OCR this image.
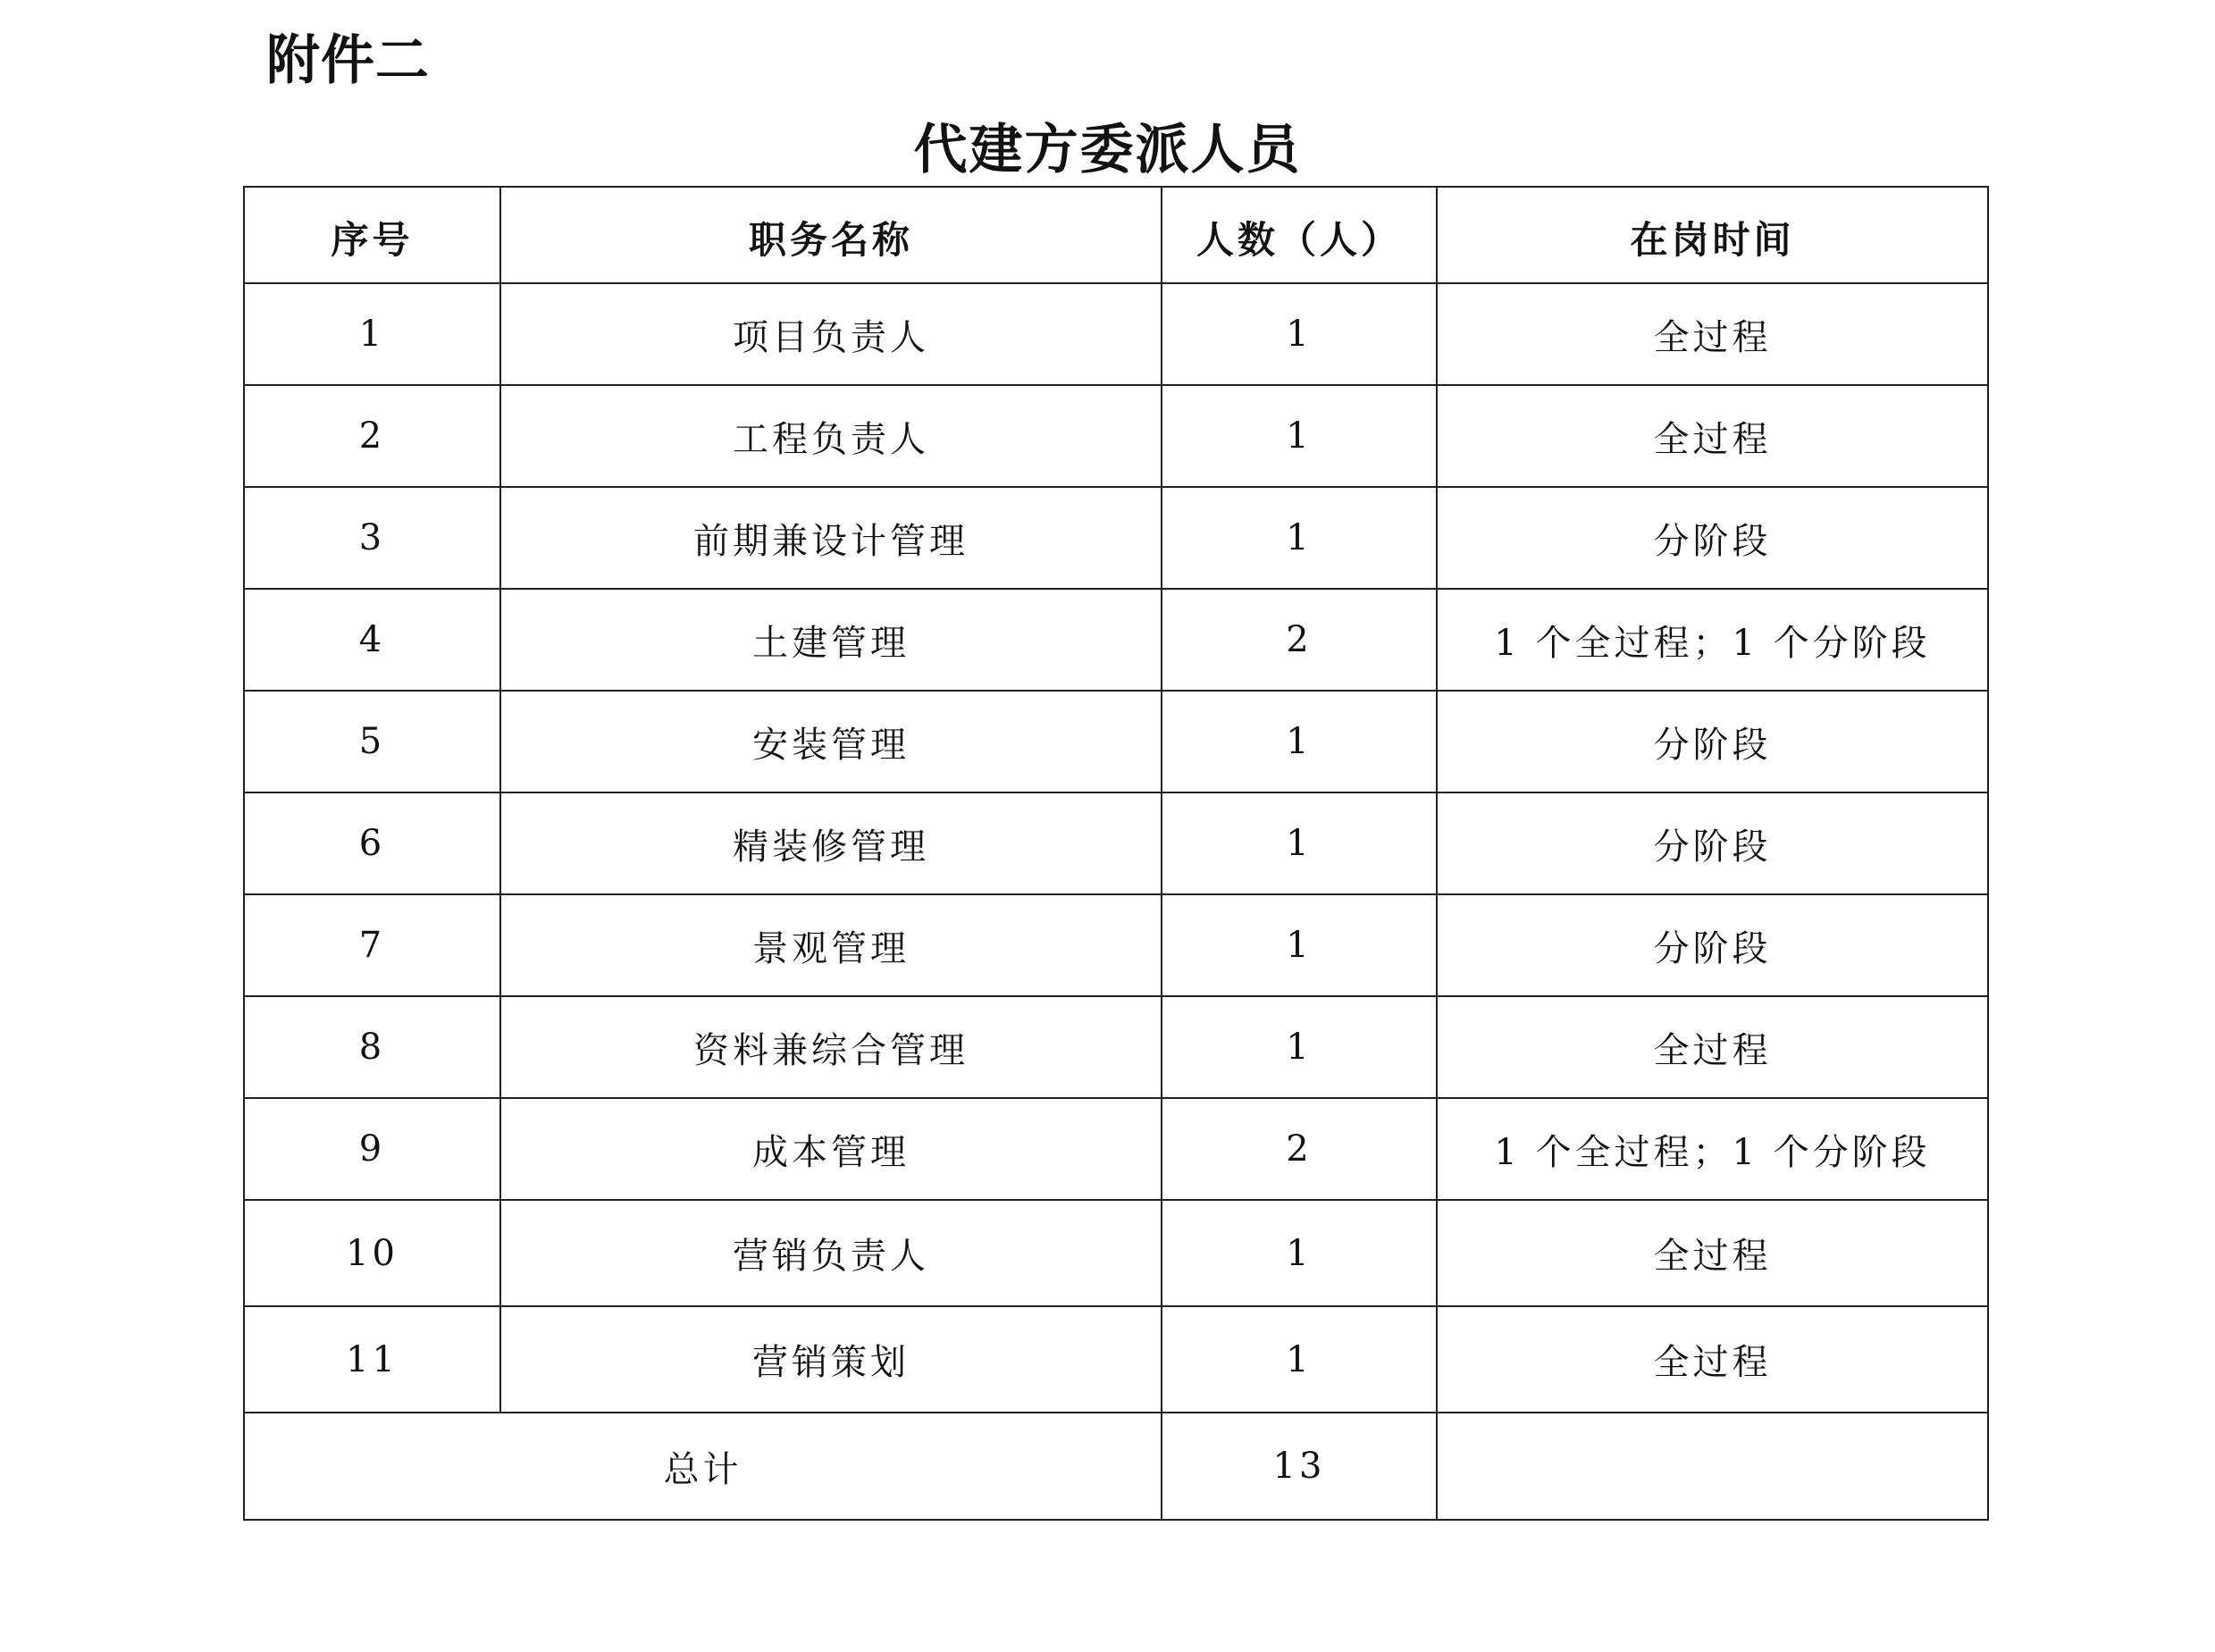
附件二
代建方委派人员
序号	职务名称	人数（人）	在岗时间
1	项目负责人	1	全过程
2	工程负责人	1	全过程
3	前期兼设计管理	1	分阶段
4	土建管理	2	1 个全过程；1 个分阶段
5	安装管理	1	分阶段
6	精装修管理	1	分阶段
7	景观管理	1	分阶段
8	资料兼综合管理	1	全过程
9	成本管理	2	1 个全过程；1 个分阶段
10	营销负责人	1	全过程
11	营销策划	1	全过程
总计		13	
